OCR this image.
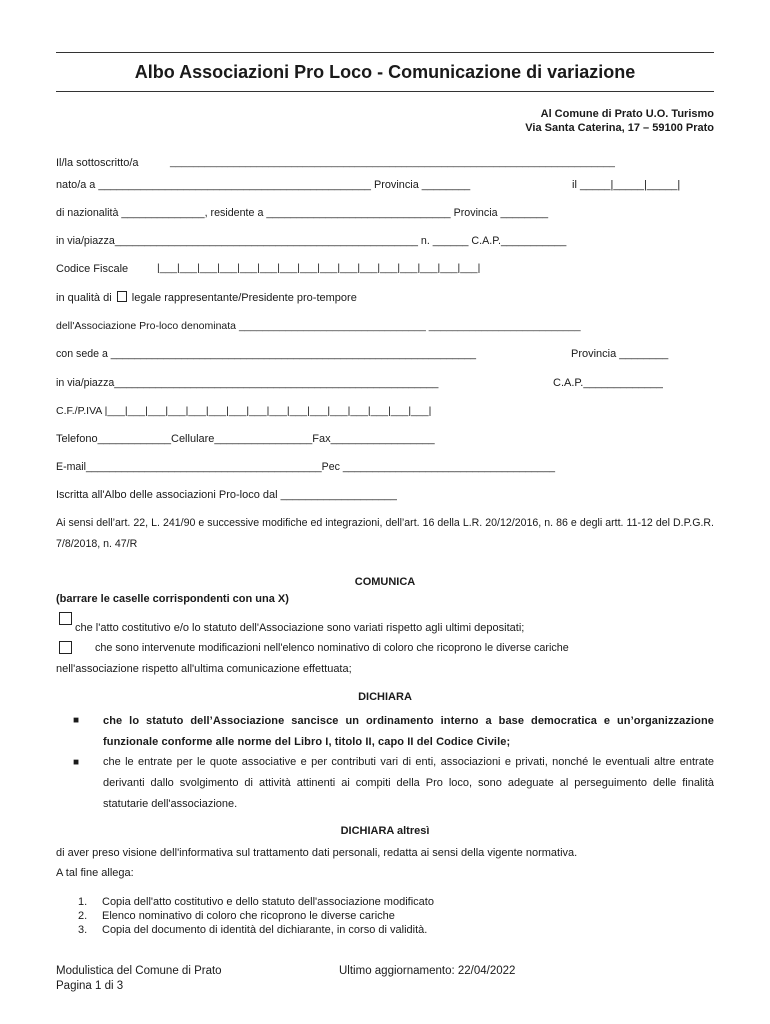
Albo Associazioni Pro Loco - Comunicazione di variazione
Al Comune di Prato U.O. Turismo
Via Santa Caterina, 17 – 59100 Prato
Il/la sottoscritto/a	_____________________________________________________________________________
nato/a a _____________________________________________ Provincia ________	il _____|_____|_____|
di nazionalità ______________, residente a _______________________________ Provincia ________
in via/piazza___________________________________________________ n. ______ C.A.P.___________
Codice Fiscale	|___|___|___|___|___|___|___|___|___|___|___|___|___|___|___|___|
in qualità di legale rappresentante/Presidente pro-tempore
dell'Associazione Pro-loco denominata ________________________________ __________________________
con sede a ______________________________________________________________	Provincia ________
in via/piazza_______________________________________________________	C.A.P._____________
C.F./P.IVA |___|___|___|___|___|___|___|___|___|___|___|___|___|___|___|___|
Telefono____________Cellulare________________Fax_________________
E-mail________________________________________Pec ____________________________________
Iscritta all'Albo delle associazioni Pro-loco dal ___________________
Ai sensi dell’art. 22, L. 241/90 e successive modifiche ed integrazioni, dell’art. 16 della L.R. 20/12/2016, n. 86 e degli artt. 11-12 del D.P.G.R. 7/8/2018, n. 47/R
COMUNICA
(barrare le caselle corrispondenti con una X)
che l'atto costitutivo e/o lo statuto dell'Associazione sono variati rispetto agli ultimi depositati;
che sono intervenute modificazioni nell'elenco nominativo di coloro che ricoprono le diverse cariche
nell'associazione rispetto all'ultima comunicazione effettuata;
DICHIARA
■ che lo statuto dell’Associazione sancisce un ordinamento interno a base democratica e un’organizzazione funzionale conforme alle norme del Libro I, titolo II, capo II del Codice Civile;
■ che le entrate per le quote associative e per contributi vari di enti, associazioni e privati, nonché le eventuali altre entrate derivanti dallo svolgimento di attività attinenti ai compiti della Pro loco, sono adeguate al perseguimento delle finalità statutarie dell'associazione.
DICHIARA altresì
di aver preso visione dell'informativa sul trattamento dati personali, redatta ai sensi della vigente normativa.
A tal fine allega:
1. Copia dell'atto costitutivo e dello statuto dell'associazione modificato
2. Elenco nominativo di coloro che ricoprono le diverse cariche
3. Copia del documento di identità del dichiarante, in corso di validità.
Modulistica del Comune di Prato	Ultimo aggiornamento: 22/04/2022
Pagina 1 di 3
